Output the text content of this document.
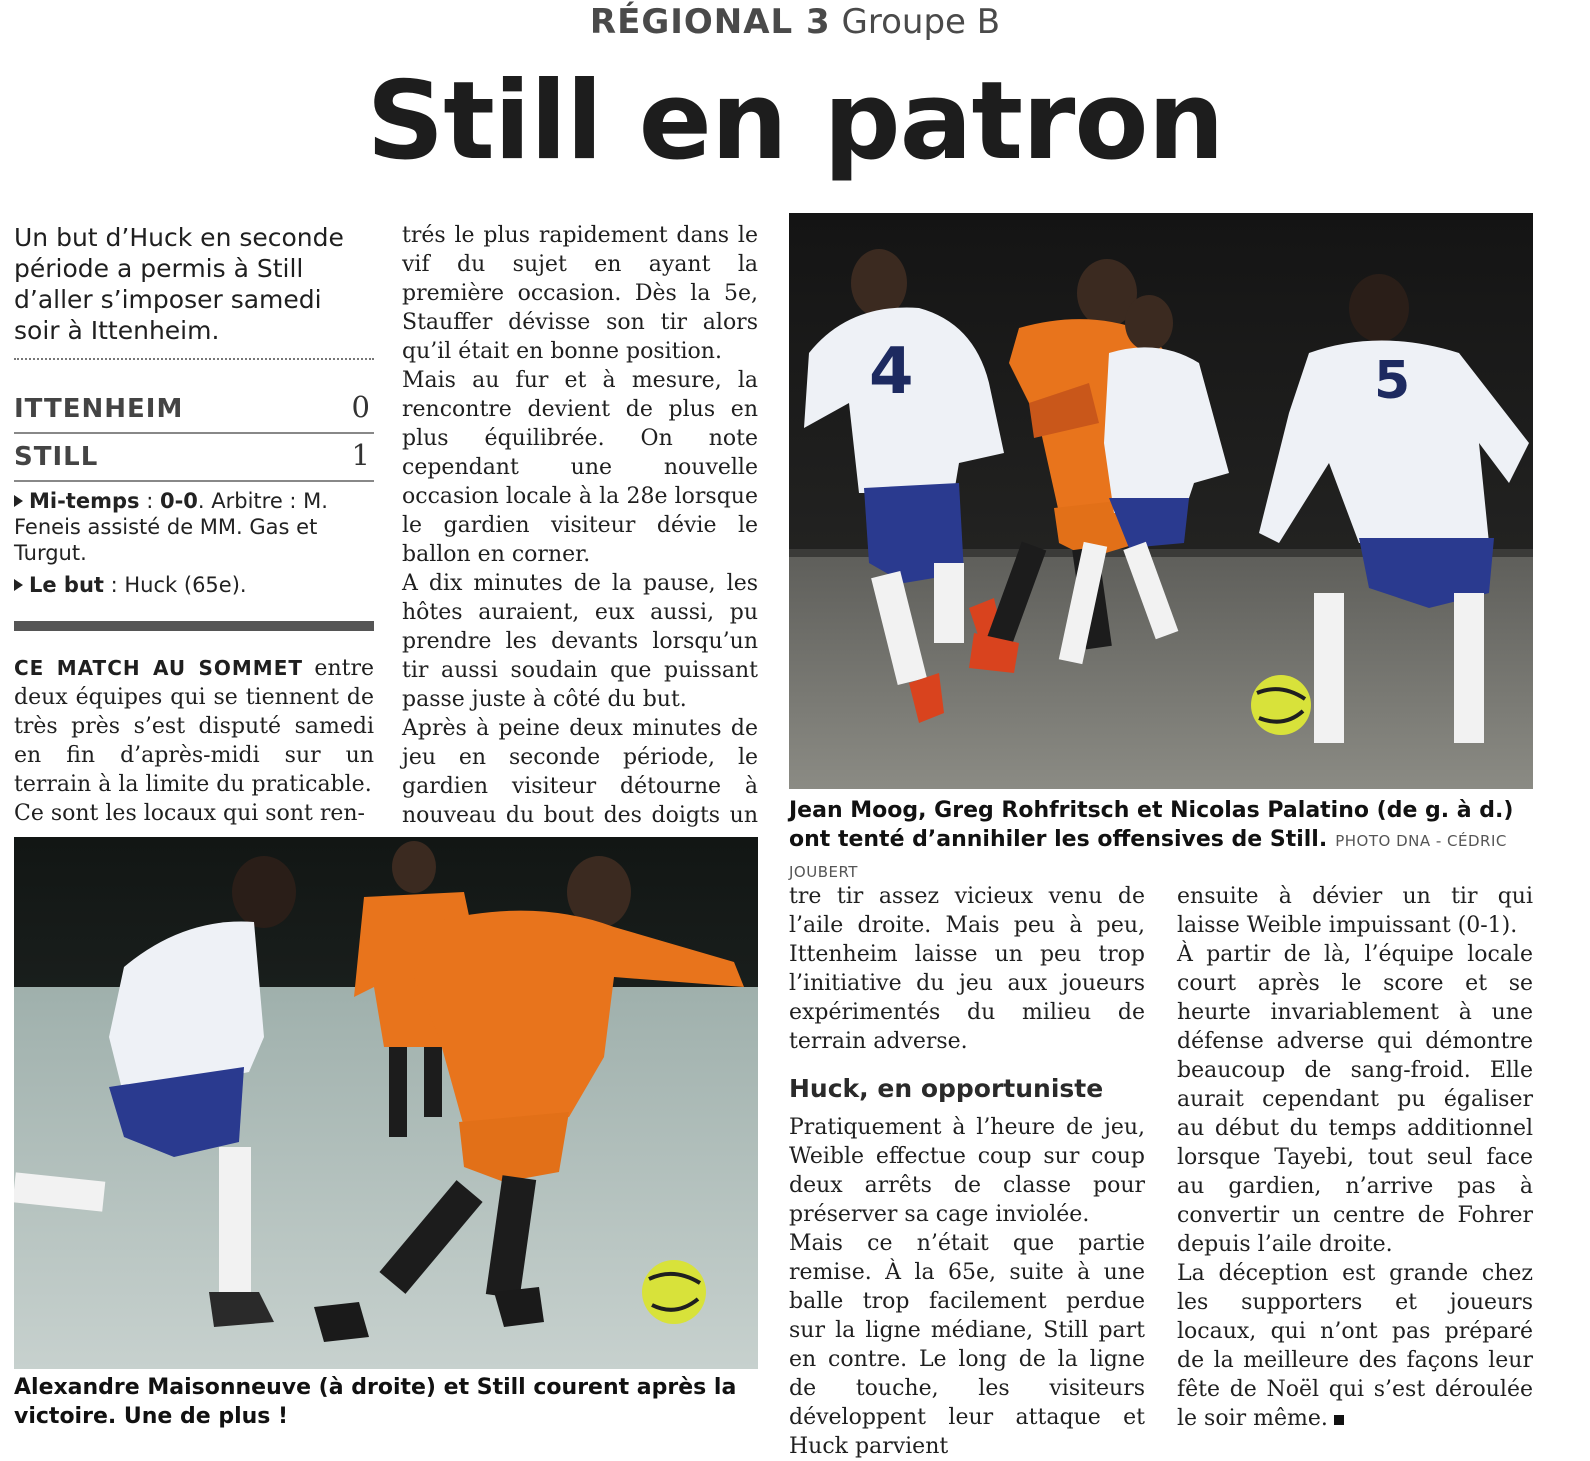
RÉGIONAL 3 Groupe B
Still en patron
Un but d’Huck en seconde période a permis à Still d’aller s’imposer samedi soir à Ittenheim.
ITTENHEIM	0
STILL	1
Mi-temps : 0-0. Arbitre : M. Feneis assisté de MM. Gas et Turgut.
Le but : Huck (65e).

CE MATCH AU SOMMET entre deux équipes qui se tiennent de très près s’est disputé samedi en fin d’après-midi sur un terrain à la limite du praticable.

Ce sont les locaux qui sont ren-

trés le plus rapidement dans le vif du sujet en ayant la première occasion. Dès la 5e, Stauffer dévisse son tir alors qu’il était en bonne position.

Mais au fur et à mesure, la rencontre devient de plus en plus équilibrée. On note cependant une nouvelle occasion locale à la 28e lorsque le gardien visiteur dévie le ballon en corner.

A dix minutes de la pause, les hôtes auraient, eux aussi, pu prendre les devants lorsqu’un tir aussi soudain que puissant passe juste à côté du but.

Après à peine deux minutes de jeu en seconde période, le gardien visiteur détourne à nouveau du bout des doigts un

4	5
Jean Moog, Greg Rohfritsch et Nicolas Palatino (de g. à d.) ont tenté d’annihiler les offensives de Still. PHOTO DNA - CÉDRIC JOUBERT
Alexandre Maisonneuve (à droite) et Still courent après la victoire. Une de plus !

tre tir assez vicieux venu de l’aile droite. Mais peu à peu, Ittenheim laisse un peu trop l’initiative du jeu aux joueurs expérimentés du milieu de terrain adverse.

Huck, en opportuniste

Pratiquement à l’heure de jeu, Weible effectue coup sur coup deux arrêts de classe pour préserver sa cage inviolée.

Mais ce n’était que partie remise. À la 65e, suite à une balle trop facilement perdue sur la ligne médiane, Still part en contre. Le long de la ligne de touche, les visiteurs développent leur attaque et Huck parvient

ensuite à dévier un tir qui laisse Weible impuissant (0-1).

À partir de là, l’équipe locale court après le score et se heurte invariablement à une défense adverse qui démontre beaucoup de sang-froid. Elle aurait cependant pu égaliser au début du temps additionnel lorsque Tayebi, tout seul face au gardien, n’arrive pas à convertir un centre de Fohrer depuis l’aile droite.

La déception est grande chez les supporters et joueurs locaux, qui n’ont pas préparé de la meilleure des façons leur fête de Noël qui s’est déroulée le soir même.
